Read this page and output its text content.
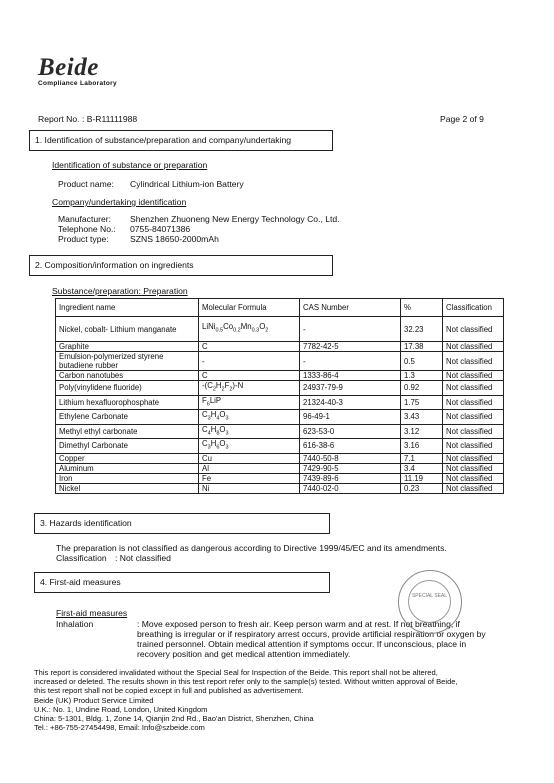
Beide
Compliance Laboratory
Report No. : B-R11111988	Page 2 of 9
1. Identification of substance/preparation and company/undertaking
Identification of substance or preparation
Product name:	Cylindrical Lithium-ion Battery
Company/undertaking identification
Manufacturer:	Shenzhen Zhuoneng New Energy Technology Co., Ltd.
Telephone No.:	0755-84071386
Product type:	SZNS 18650-2000mAh
2. Composition/information on ingredients
Substance/preparation: Preparation
Ingredient name	Molecular Formula	CAS Number	%	Classification
Nickel, cobalt- Lithium manganate	$LiNi_{0.5}Co_{0.2}Mn_{0.3}O_2$	-	32.23	Not classified
Graphite	C	7782-42-5	17.38	Not classified
Emulsion-polymerized styrene butadiene rubber	-	-	0.5	Not classified
Carbon nanotubes	C	1333-86-4	1.3	Not classified
Poly(vinylidene fluoride)	$-(C_2H_2F_2)-N$	24937-79-9	0.92	Not classified
Lithium hexafluorophosphate	$F_6LiP$	21324-40-3	1.75	Not classified
Ethylene Carbonate	$C_3H_4O_3$	96-49-1	3.43	Not classified
Methyl ethyl carbonate	$C_4H_8O_3$	623-53-0	3.12	Not classified
Dimethyl Carbonate	$C_3H_6O_3$	616-38-6	3.16	Not classified
Copper	Cu	7440-50-8	7.1	Not classified
Aluminum	Al	7429-90-5	3.4	Not classified
Iron	Fe	7439-89-6	11.19	Not classified
Nickel	Ni	7440-02-0	0.23	Not classified
3. Hazards identification
The preparation is not classified as dangerous according to Directive 1999/45/EC and its amendments.
Classification : Not classified
4. First-aid measures
First-aid measures
Inhalation	: Move exposed person to fresh air. Keep person warm and at rest. If not breathing, if breathing is irregular or if respiratory arrest occurs, provide artificial respiration or oxygen by trained personnel. Obtain medical attention if symptoms occur. If unconscious, place in recovery position and get medical attention immediately.
SPECIAL SEAL
This report is considered invalidated without the Special Seal for Inspection of the Beide. This report shall not be altered,
increased or deleted. The results shown in this test report refer only to the sample(s) tested. Without written approval of Beide,
this test report shall not be copied except in full and published as advertisement.
Beide (UK) Product Service Limited
U.K.: No. 1, Undine Road, London, United Kingdom
China: 5-1301, Bldg. 1, Zone 14, Qianjin 2nd Rd., Bao'an District, Shenzhen, China
Tel.: +86-755-27454498, Email: Info@szbeide.com
